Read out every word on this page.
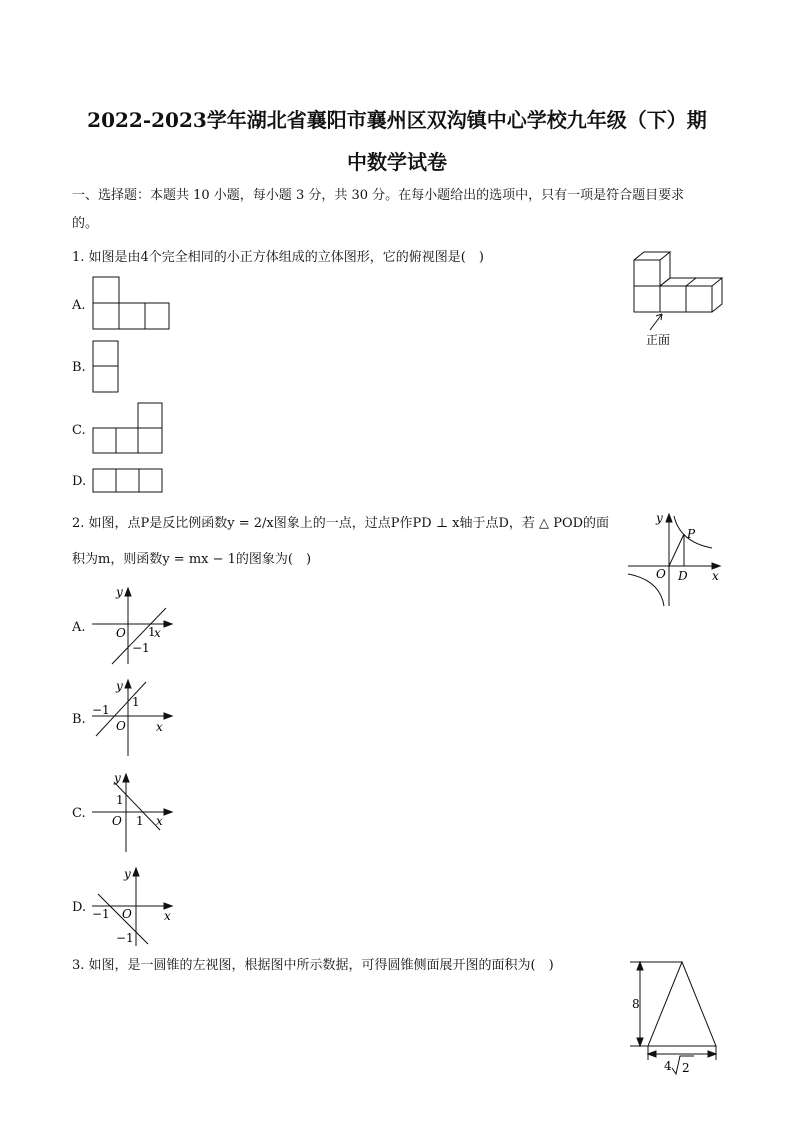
2022-2023学年湖北省襄阳市襄州区双沟镇中心学校九年级（下）期
中数学试卷
一、选择题：本题共 10 小题，每小题 3 分，共 30 分。在每小题给出的选项中，只有一项是符合题目要求
的。
1. 如图是由4个完全相同的小正方体组成的立体图形，它的俯视图是(　)
正面
A.
B.
C.
D.
2. 如图，点P是反比例函数y = 2/x图象上的一点，过点P作PD ⊥ x轴于点D，若 △ POD的面
积为m，则函数y = mx − 1的图象为(　)
y
x
O
P
D
A.
y
O 1
x
−1
B.
y
−1
1
O	x
C.
y
1
O 1 x
D.
y
−1 O	x
−1
3. 如图，是一圆锥的左视图，根据图中所示数据，可得圆锥侧面展开图的面积为(　)
8
4 2
